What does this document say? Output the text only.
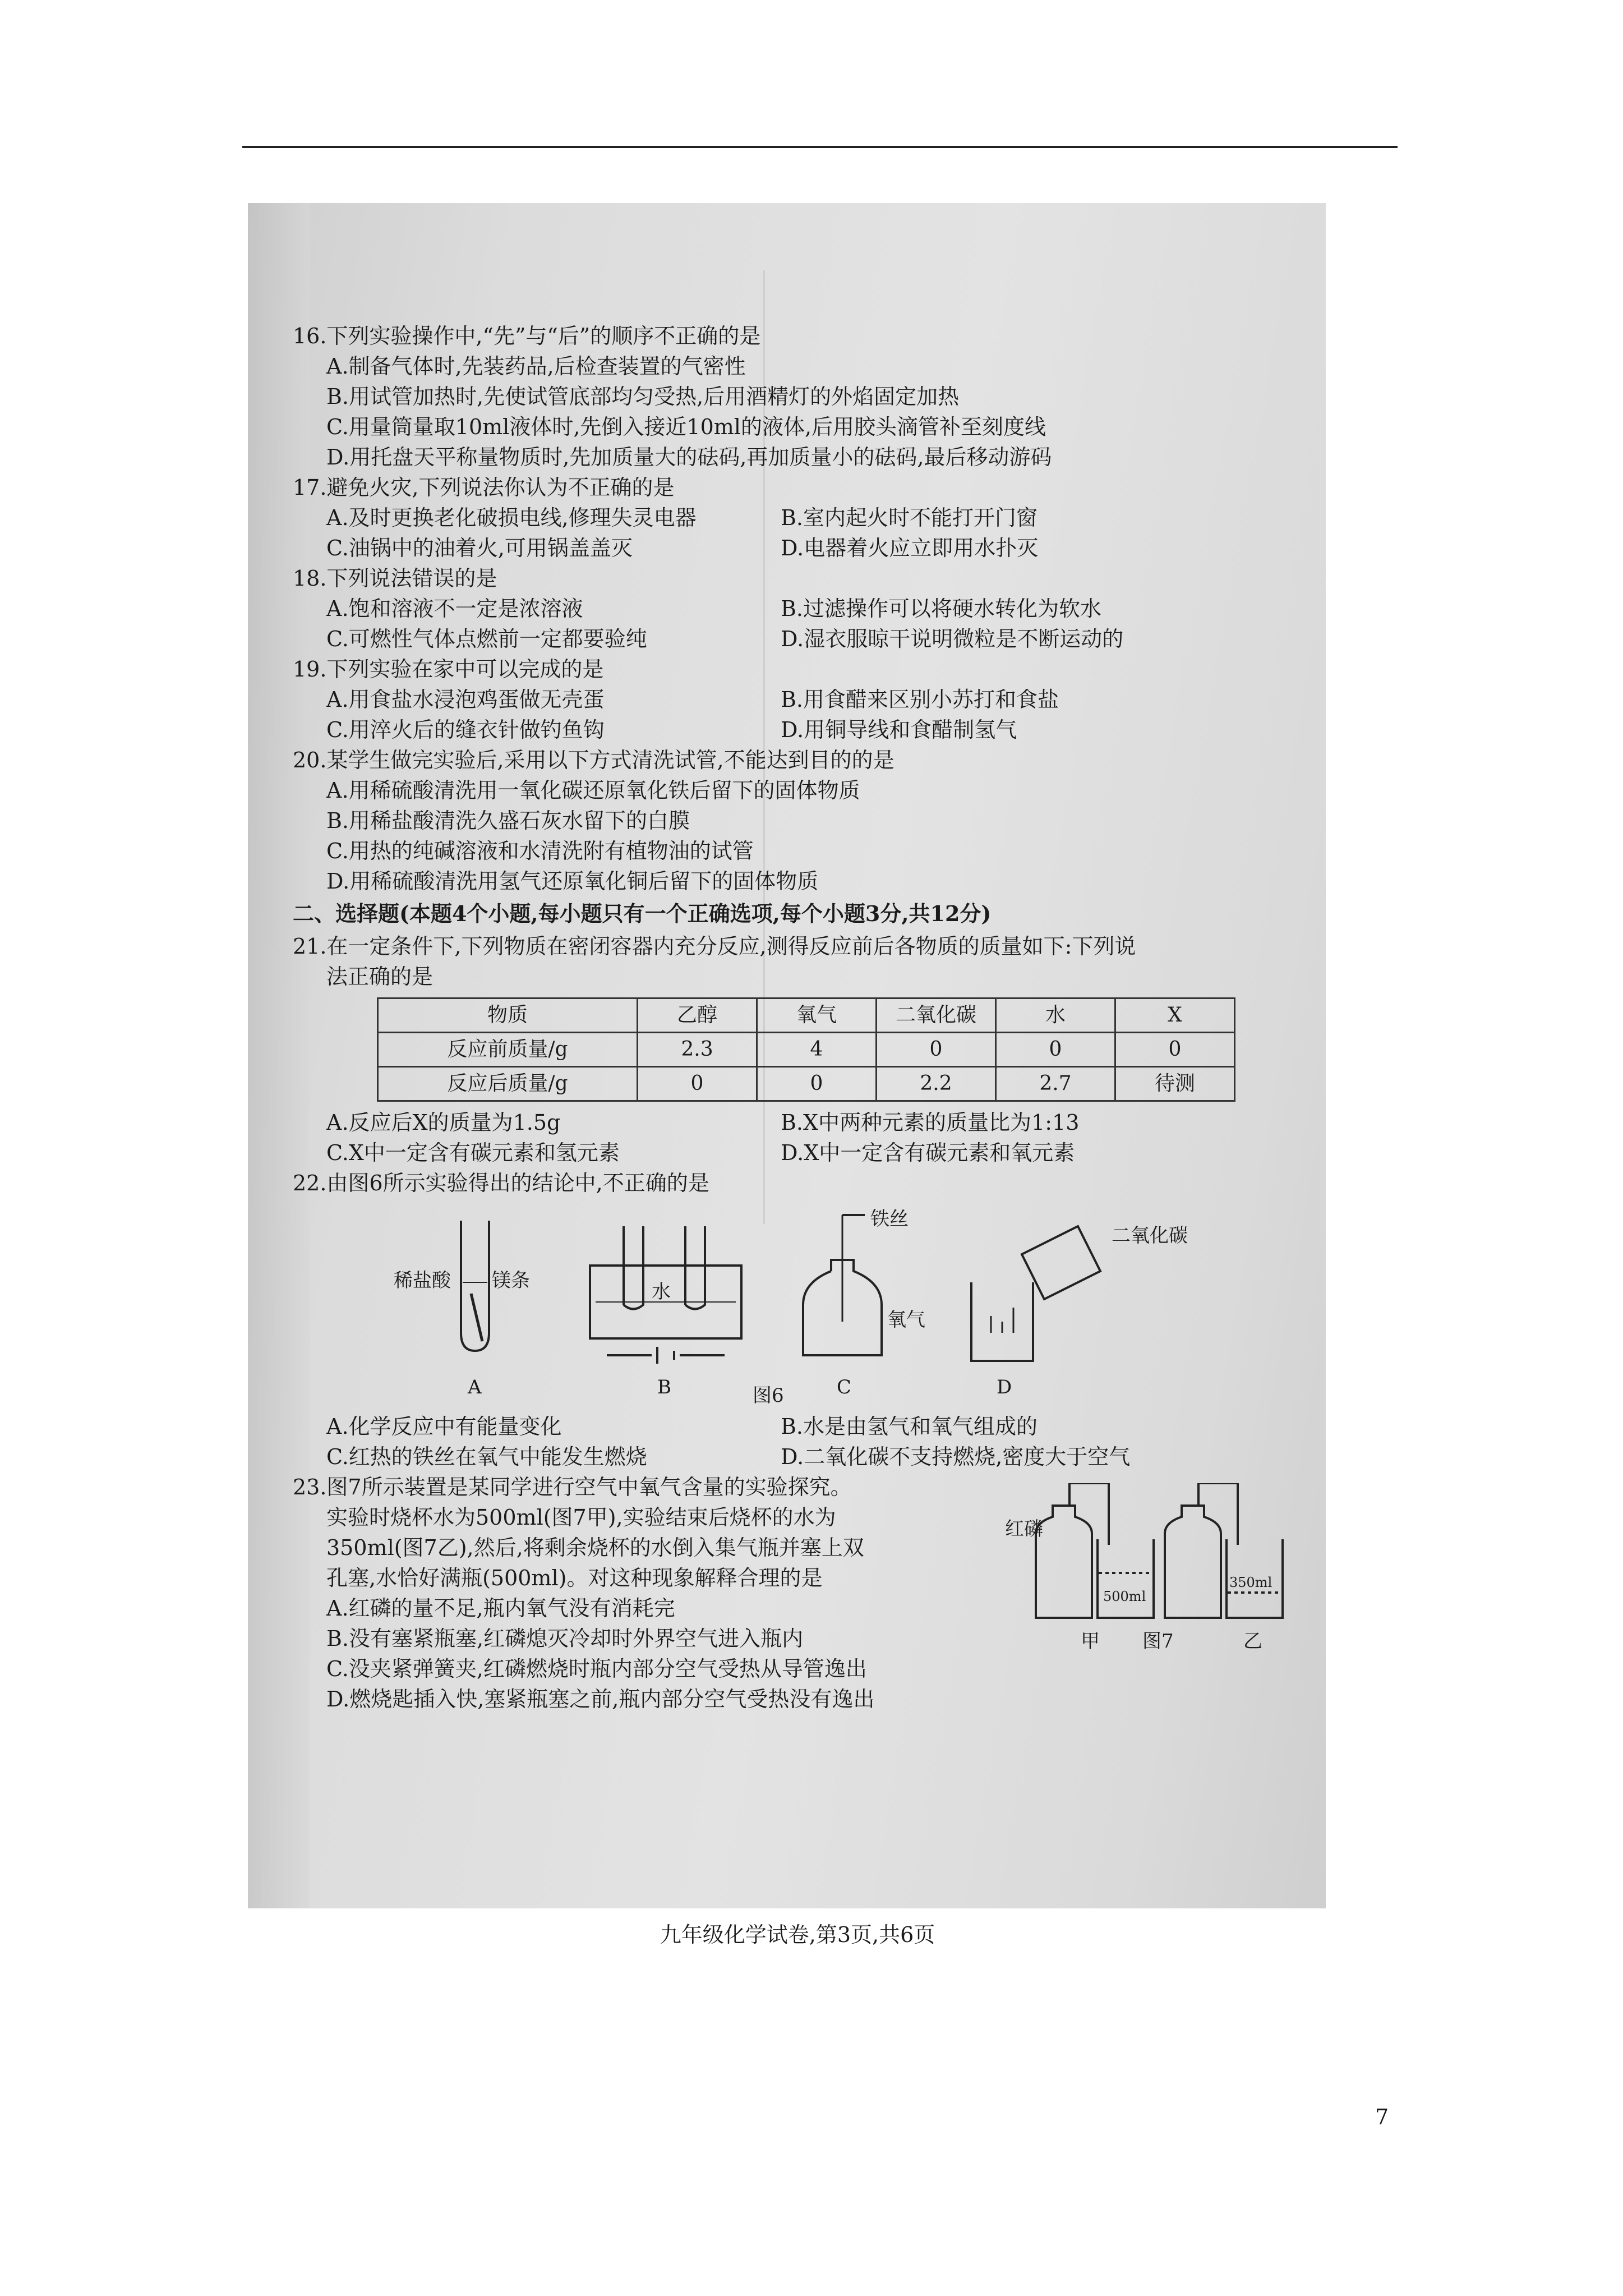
16.下列实验操作中,“先”与“后”的顺序不正确的是

A.制备气体时,先装药品,后检查装置的气密性
B.用试管加热时,先使试管底部均匀受热,后用酒精灯的外焰固定加热
C.用量筒量取10ml液体时,先倒入接近10ml的液体,后用胶头滴管补至刻度线
D.用托盘天平称量物质时,先加质量大的砝码,再加质量小的砝码,最后移动游码

17.避免火灾,下列说法你认为不正确的是

A.及时更换老化破损电线,修理失灵电器	B.室内起火时不能打开门窗
C.油锅中的油着火,可用锅盖盖灭	D.电器着火应立即用水扑灭

18.下列说法错误的是

A.饱和溶液不一定是浓溶液	B.过滤操作可以将硬水转化为软水
C.可燃性气体点燃前一定都要验纯	D.湿衣服晾干说明微粒是不断运动的

19.下列实验在家中可以完成的是

A.用食盐水浸泡鸡蛋做无壳蛋	B.用食醋来区别小苏打和食盐
C.用淬火后的缝衣针做钓鱼钩	D.用铜导线和食醋制氢气

20.某学生做完实验后,采用以下方式清洗试管,不能达到目的的是

A.用稀硫酸清洗用一氧化碳还原氧化铁后留下的固体物质
B.用稀盐酸清洗久盛石灰水留下的白膜
C.用热的纯碱溶液和水清洗附有植物油的试管
D.用稀硫酸清洗用氢气还原氧化铜后留下的固体物质

二、选择题(本题4个小题,每小题只有一个正确选项,每个小题3分,共12分)

21.在一定条件下,下列物质在密闭容器内充分反应,测得反应前后各物质的质量如下:下列说

法正确的是
物质	乙醇	氧气	二氧化碳	水	X
反应前质量/g	2.3	4	0	0	0
反应后质量/g	0	0	2.2	2.7	待测
A.反应后X的质量为1.5g	B.X中两种元素的质量比为1:13
C.X中一定含有碳元素和氢元素	D.X中一定含有碳元素和氧元素

22.由图6所示实验得出的结论中,不正确的是

稀盐酸 镁条	水
铁丝
氧气
二氧化碳
A	B	C	D
图6
A.化学反应中有能量变化	B.水是由氢气和氧气组成的
C.红热的铁丝在氧气中能发生燃烧	D.二氧化碳不支持燃烧,密度大于空气

23.图7所示装置是某同学进行空气中氧气含量的实验探究。

实验时烧杯水为500ml(图7甲),实验结束后烧杯的水为
350ml(图7乙),然后,将剩余烧杯的水倒入集气瓶并塞上双
孔塞,水恰好满瓶(500ml)。对这种现象解释合理的是
A.红磷的量不足,瓶内氧气没有消耗完
B.没有塞紧瓶塞,红磷熄灭冷却时外界空气进入瓶内
C.没夹紧弹簧夹,红磷燃烧时瓶内部分空气受热从导管逸出
D.燃烧匙插入快,塞紧瓶塞之前,瓶内部分空气受热没有逸出
红磷
500ml
350ml
甲 图7	乙
九年级化学试卷,第3页,共6页
7
